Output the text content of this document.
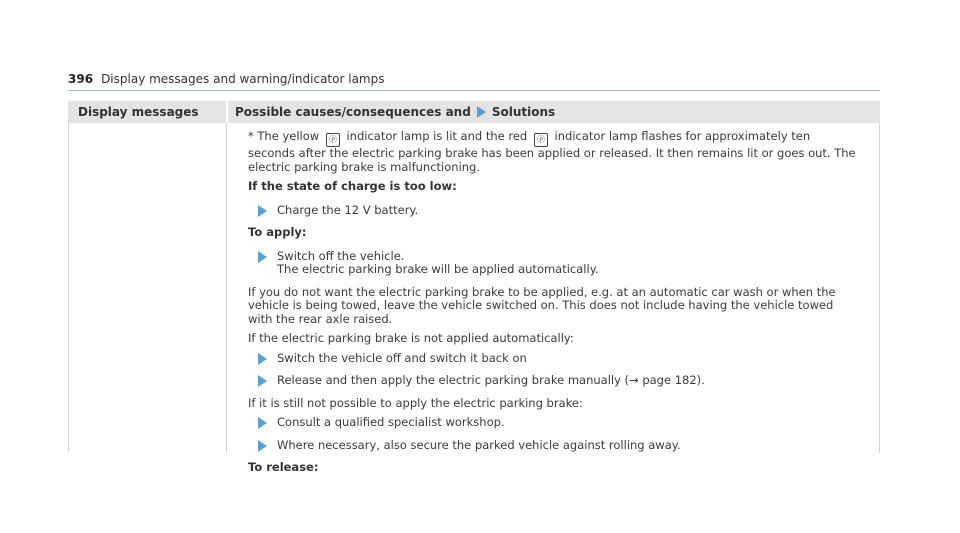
396 Display messages and warning/indicator lamps
Display messages	Possible causes/consequences and Solutions

* The yellow ⓟ indicator lamp is lit and the red ⓟ indicator lamp flashes for approximately ten seconds after the electric parking brake has been applied or released. It then remains lit or goes out. The electric parking brake is malfunctioning.

If the state of charge is too low:
Charge the 12 V battery.
To apply:
Switch off the vehicle.
The electric parking brake will be applied automatically.

If you do not want the electric parking brake to be applied, e.g. at an automatic car wash or when the vehicle is being towed, leave the vehicle switched on. This does not include having the vehicle towed with the rear axle raised.

If the electric parking brake is not applied automatically:

Switch the vehicle off and switch it back on
Release and then apply the electric parking brake manually (→ page 182).

If it is still not possible to apply the electric parking brake:

Consult a qualified specialist workshop.
Where necessary, also secure the parked vehicle against rolling away.
To release:
